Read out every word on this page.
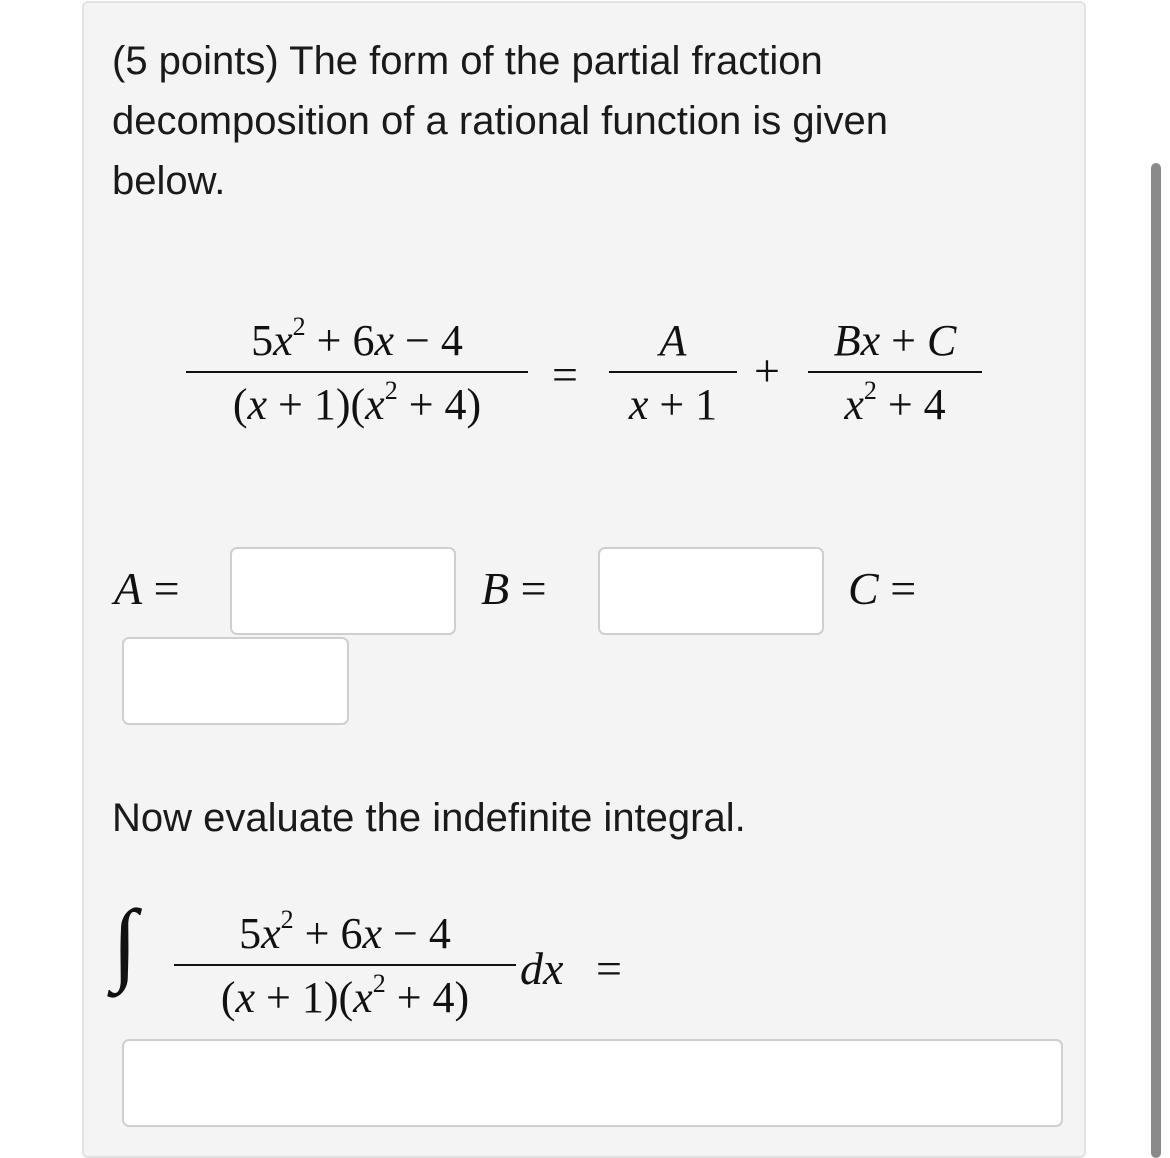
(5 points) The form of the partial fraction decomposition of a rational function is given below.
$5x^2 + 6x - 4$
$(x + 1)(x^2 + 4)$
=
A
x + 1
+
Bx + C
$x^2 + 4$
A =	B =	C =
Now evaluate the indefinite integral.
∫ $5x^2 + 6x - 4$
$(x + 1)(x^2 + 4)$
dx =
